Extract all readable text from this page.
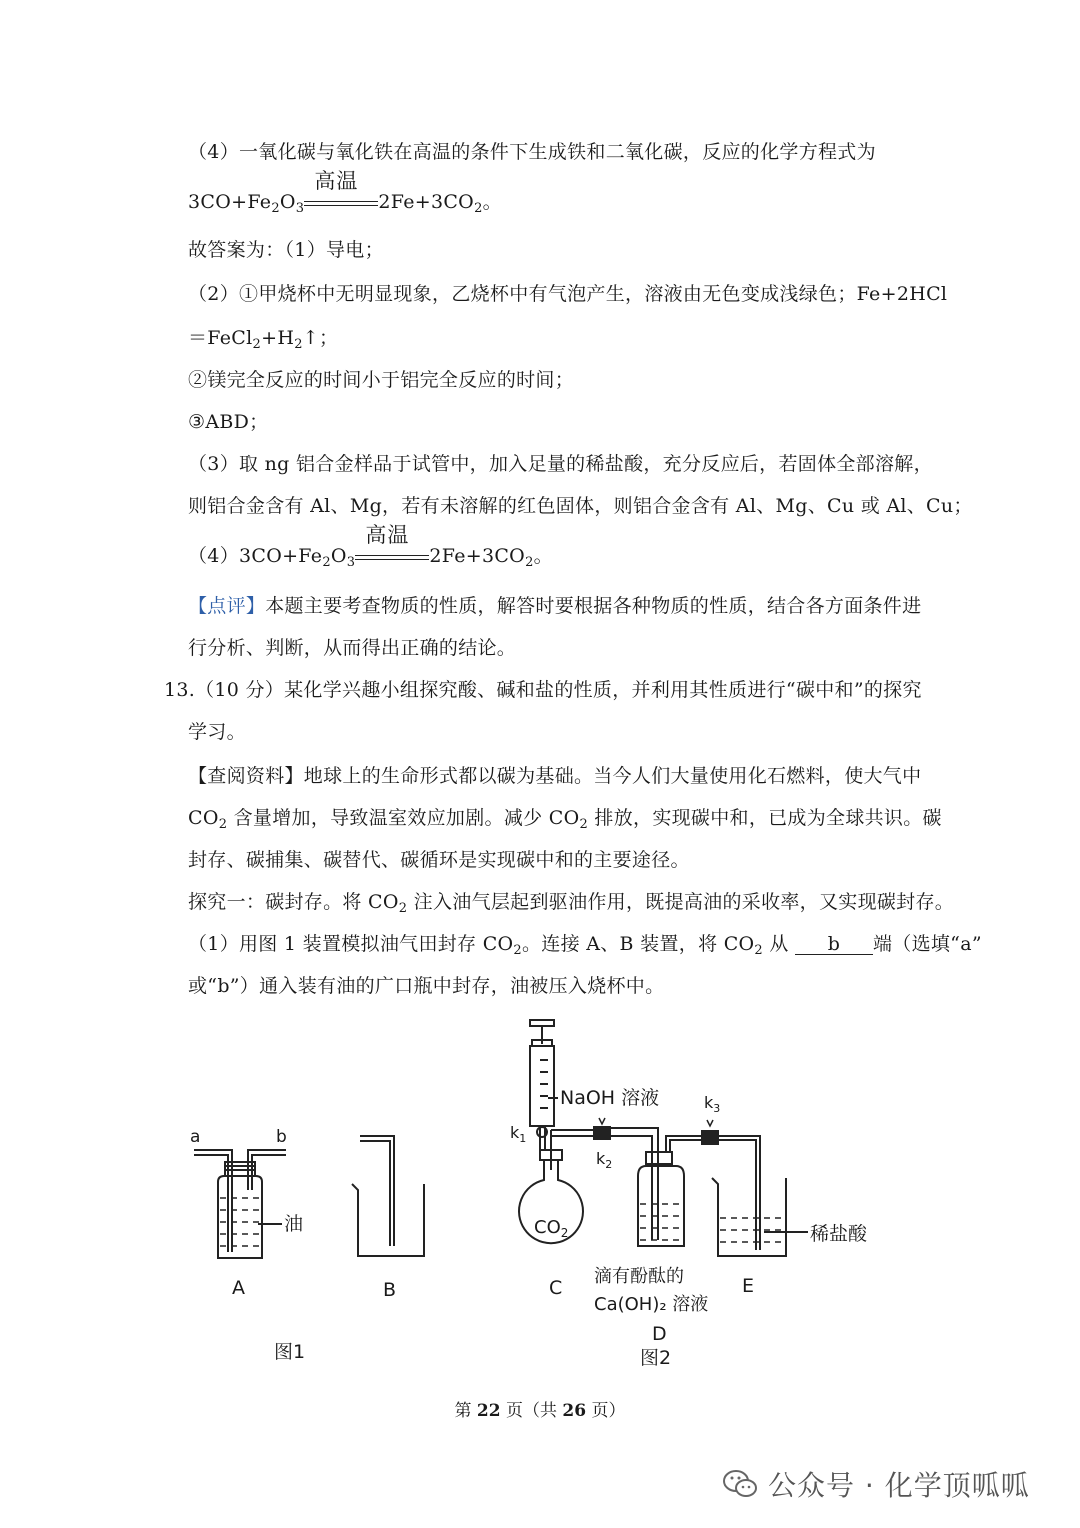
（4）一氧化碳与氧化铁在高温的条件下生成铁和二氧化碳，反应的化学方程式为
$3CO+Fe_2O_3$
高温
$2Fe+3CO_2$。
故答案为：（1）导电；
（2）①甲烧杯中无明显现象，乙烧杯中有气泡产生，溶液由无色变成浅绿色；Fe+2HCl
$=FeCl_2+H_2↑$；
②镁完全反应的时间小于铝完全反应的时间；
③ABD；
（3）取 ng 铝合金样品于试管中，加入足量的稀盐酸，充分反应后，若固体全部溶解，
则铝合金含有 Al、Mg，若有未溶解的红色固体，则铝合金含有 Al、Mg、Cu 或 Al、Cu；
$(4)3CO+Fe_2O_3$
高温
$2Fe+3CO_2$。
【点评】本题主要考查物质的性质，解答时要根据各种物质的性质，结合各方面条件进
行分析、判断，从而得出正确的结论。
13.（10 分）某化学兴趣小组探究酸、碱和盐的性质，并利用其性质进行“碳中和”的探究
学习。
【查阅资料】地球上的生命形式都以碳为基础。当今人们大量使用化石燃料，使大气中
$CO_2$ 含量增加，导致温室效应加剧。减少 $CO_2$ 排放，实现碳中和，已成为全球共识。碳
封存、碳捕集、碳替代、碳循环是实现碳中和的主要途径。
探究一：碳封存。将 $CO_2$ 注入油气层起到驱油作用，既提高油的采收率，又实现碳封存。
（1）用图 1 装置模拟油气田封存 $CO_2$。连接 A、B 装置，将 $CO_2$ 从 b 端（选填“a”
或“b”）通入装有油的广口瓶中封存，油被压入烧杯中。
a	b
油
A	B
图1
NaOH 溶液
$k_1$
$k_2$
$k_3$
$CO_2$	稀盐酸
C
滴有酚酞的
Ca(OH)₂ 溶液
D
E
图2
第 22 页（共 26 页）
公众号 · 化学顶呱呱
